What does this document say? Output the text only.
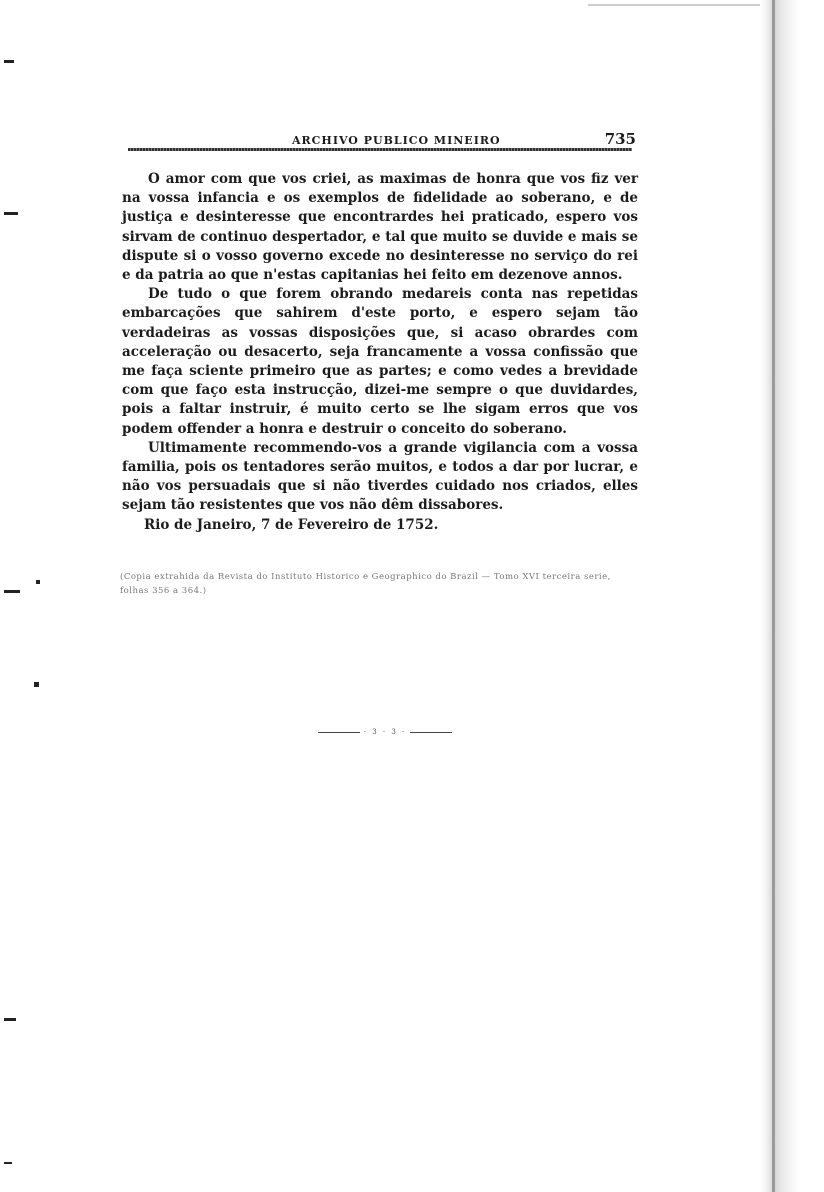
ARCHIVO PUBLICO MINEIRO	735

O amor com que vos criei, as maximas de honra que vos fiz ver na vossa infancia e os exemplos de fidelidade ao soberano, e de justiça e desinteresse que encontrardes hei praticado, espero vos sirvam de continuo despertador, e tal que muito se duvide e mais se dispute si o vosso governo excede no desinteresse no serviço do rei e da patria ao que n'estas capitanias hei feito em dezenove annos.

De tudo o que forem obrando medareis conta nas repetidas embarcações que sahirem d'este porto, e espero sejam tão verdadeiras as vossas disposições que, si acaso obrardes com acceleração ou desacerto, seja francamente a vossa confissão que me faça sciente primeiro que as partes; e como vedes a brevidade com que faço esta instrucção, dizei-me sempre o que duvidardes, pois a faltar instruir, é muito certo se lhe sigam erros que vos podem offender a honra e destruir o conceito do soberano.

Ultimamente recommendo-vos a grande vigilancia com a vossa familia, pois os tentadores serão muitos, e todos a dar por lucrar, e não vos persuadais que si não tiverdes cuidado nos criados, elles sejam tão resistentes que vos não dêm dissabores.

Rio de Janeiro, 7 de Fevereiro de 1752.

(Copia extrahida da Revista do Instituto Historico e Geographico do Brazil — Tomo XVI terceira serie, folhas 356 a 364.)
· 3 · 3 ·
